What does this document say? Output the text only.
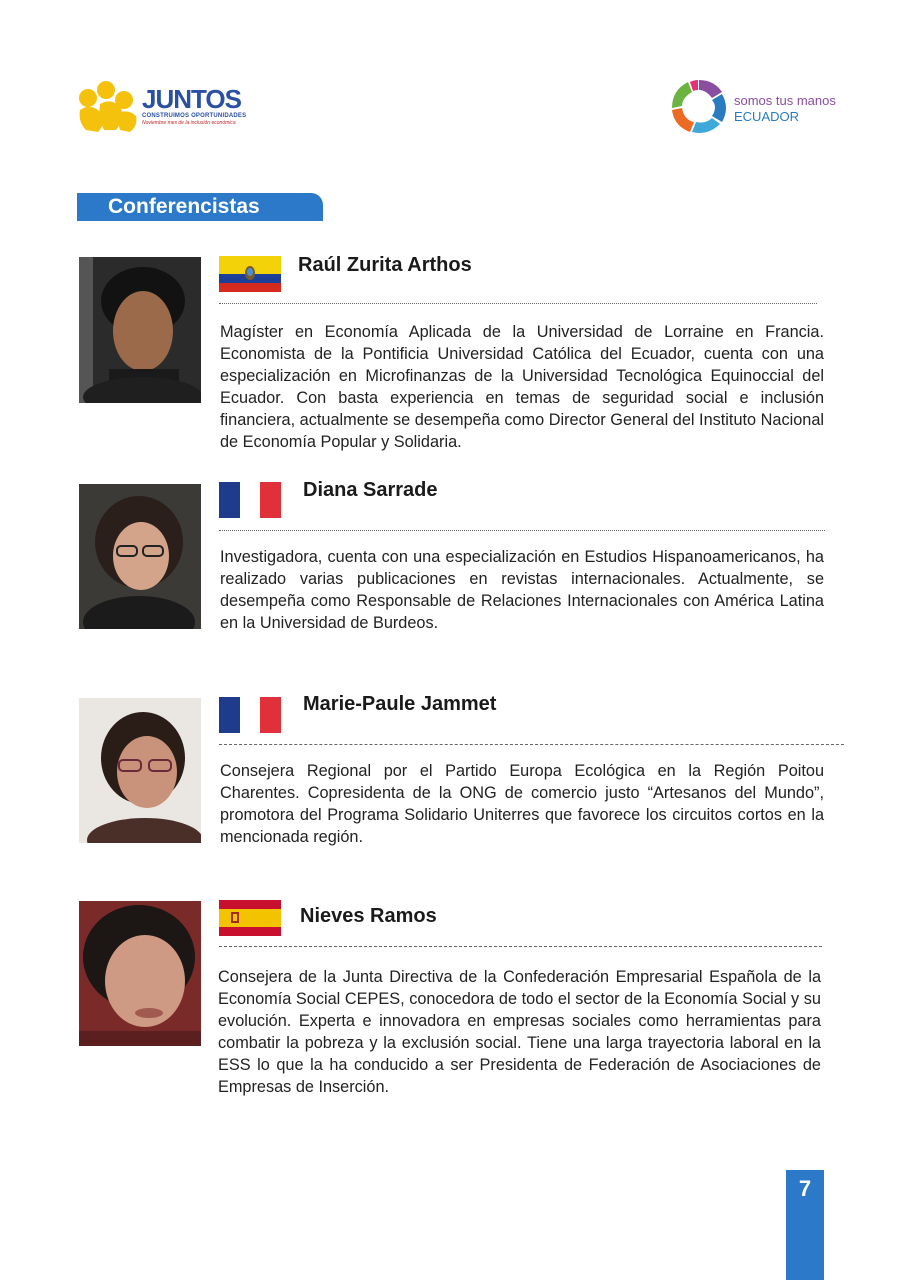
JUNTOS
CONSTRUIMOS OPORTUNIDADES
Noviembre mes de la inclusión económica
somos tus manos
ECUADOR
Conferencistas
Raúl Zurita Arthos
Magíster en Economía Aplicada de la Universidad de Lorraine en Francia. Economista de la Pontificia Universidad Católica del Ecuador, cuenta con una especialización en Microfinanzas de la Universidad Tecnológica Equinoccial del Ecuador. Con basta experiencia en temas de seguridad social e inclusión financiera, actualmente se desempeña como Director General del Instituto Nacional de Economía Popular y Solidaria.
Diana Sarrade
Investigadora, cuenta con una especialización en Estudios Hispanoamericanos, ha realizado varias publicaciones en revistas internacionales. Actualmente, se desempeña como Responsable de Relaciones Internacionales con América Latina en la Universidad de Burdeos.
Marie-Paule Jammet
Consejera Regional por el Partido Europa Ecológica en la Región Poitou Charentes. Copresidenta de la ONG de comercio justo “Artesanos del Mundo”, promotora del Programa Solidario Uniterres que favorece los circuitos cortos en la mencionada región.
Nieves Ramos
Consejera de la Junta Directiva de la Confederación Empresarial Española de la Economía Social CEPES, conocedora de todo el sector de la Economía Social y su evolución. Experta e innovadora en empresas sociales como herramientas para combatir la pobreza y la exclusión social. Tiene una larga trayectoria laboral en la ESS lo que la ha conducido a ser Presidenta de Federación de Asociaciones de Empresas de Inserción.
7
